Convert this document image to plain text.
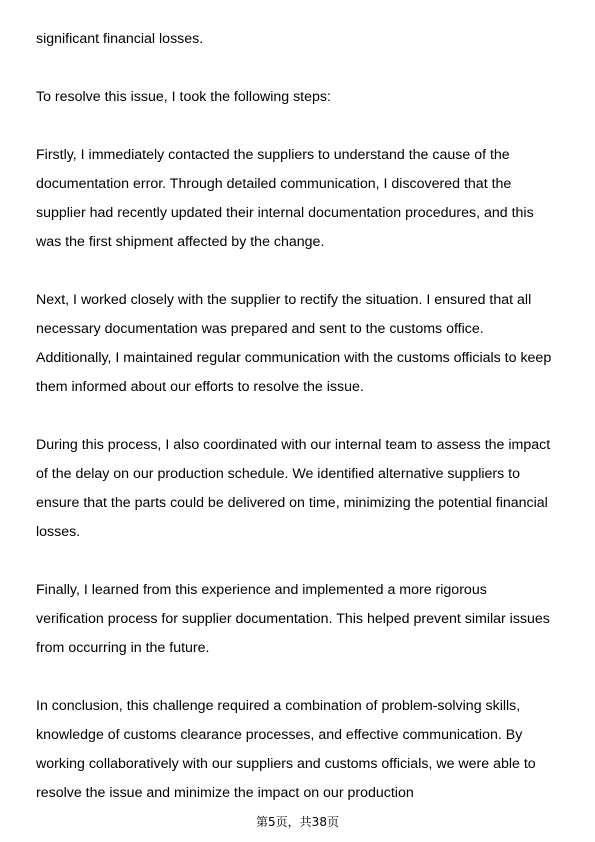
significant financial losses.
To resolve this issue, I took the following steps:
Firstly, I immediately contacted the suppliers to understand the cause of the
documentation error. Through detailed communication, I discovered that the
supplier had recently updated their internal documentation procedures, and this
was the first shipment affected by the change.
Next, I worked closely with the supplier to rectify the situation. I ensured that all
necessary documentation was prepared and sent to the customs office.
Additionally, I maintained regular communication with the customs officials to keep
them informed about our efforts to resolve the issue.
During this process, I also coordinated with our internal team to assess the impact
of the delay on our production schedule. We identified alternative suppliers to
ensure that the parts could be delivered on time, minimizing the potential financial
losses.
Finally, I learned from this experience and implemented a more rigorous
verification process for supplier documentation. This helped prevent similar issues
from occurring in the future.
In conclusion, this challenge required a combination of problem-solving skills,
knowledge of customs clearance processes, and effective communication. By
working collaboratively with our suppliers and customs officials, we were able to
resolve the issue and minimize the impact on our production
第5页，共38页
